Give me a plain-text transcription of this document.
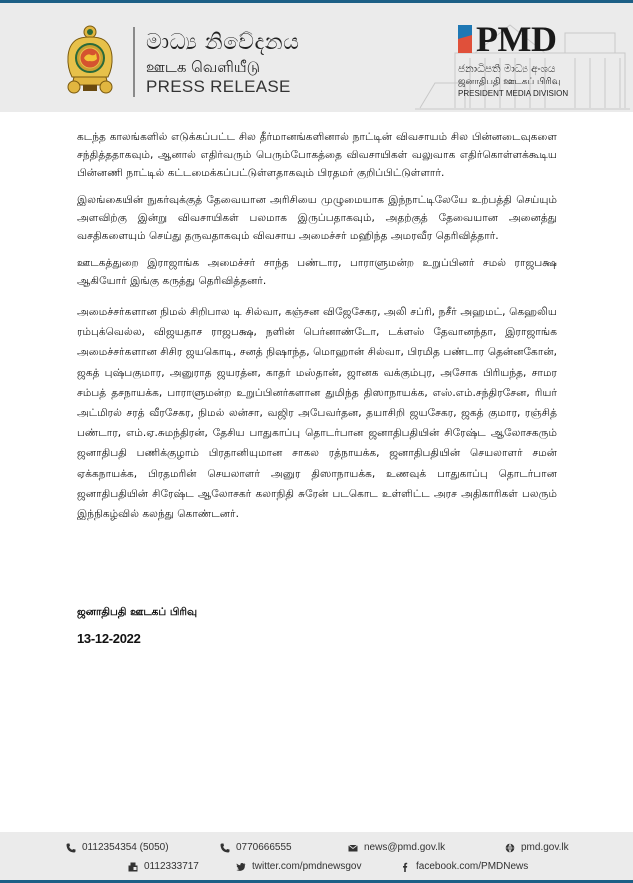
මාධ්‍ය නිවේදනය
ஊடக வெளியீடு
PRESS RELEASE
PMD
ජනාධිපති මාධ්‍ය අංශය
ஜனாதிபதி ஊடகப் பிரிவு
PRESIDENT MEDIA DIVISION

கடந்த காலங்களில் எடுக்கப்பட்ட சில தீர்மானங்களினால் நாட்டின் விவசாயம் சில பின்னடைவுகளை சந்தித்ததாகவும், ஆனால் எதிர்வரும் பெரும்போகத்தை விவசாயிகள் வலுவாக எதிர்கொள்ளக்கூடிய பின்னணி நாட்டில் கட்டமைக்கப்பட்டுள்ளதாகவும் பிரதமர் குறிப்பிட்டுள்ளார்.

இலங்கையின் நுகர்வுக்குத் தேவையான அரிசியை முழுமையாக இந்நாட்டிலேயே உற்பத்தி செய்யும் அளவிற்கு இன்று விவசாயிகள் பலமாக இருப்பதாகவும், அதற்குத் தேவையான அனைத்து வசதிகளையும் செய்து தருவதாகவும் விவசாய அமைச்சர் மஹிந்த அமரவீர தெரிவித்தார்.

ஊடகத்துறை இராஜாங்க அமைச்சர் சாந்த பண்டார, பாராளுமன்ற உறுப்பினர் சமல் ராஜபக்ஷ ஆகியோர் இங்கு கருத்து தெரிவித்தனர்.

அமைச்சர்களான நிமல் சிறிபால டி சில்வா, கஞ்சன விஜேசேகர, அலி சப்ரி, நசீர் அஹமட், கெஹலிய ரம்புக்வெல்ல, விஜயதாச ராஜபக்ஷ, நளின் பெர்னாண்டோ, டக்ளஸ் தேவானந்தா, இராஜாங்க அமைச்சர்களான சிசிர ஜயகொடி, சனத் நிஷாந்த, மொஹான் சில்வா, பிரமித பண்டார தென்னகோன், ஜகத் புஷ்பகுமார, அனுராத ஜயரத்ன, காதர் மஸ்தான், ஜானக வக்கும்புர, அசோக பிரியந்த, சாமர சம்பத் தசநாயக்க, பாராளுமன்ற உறுப்பினர்களான துமிந்த திஸாநாயக்க, எஸ்.எம்.சந்திரசேன, ரியர் அட்மிரல் சரத் வீரசேகர, நிமல் லன்சா, வஜிர அபேவர்தன, தயாசிறி ஜயசேகர, ஜகத் குமார, ரஞ்சித் பண்டார, எம்.ஏ.சுமந்திரன், தேசிய பாதுகாப்பு தொடர்பான ஜனாதிபதியின் சிரேஷ்ட ஆலோசகரும் ஜனாதிபதி பணிக்குழாம் பிரதானியுமான சாகல ரத்நாயக்க, ஜனாதிபதியின் செயலாளர் சமன் ஏக்கநாயக்க, பிரதமரின் செயலாளர் அனுர திஸாநாயக்க, உணவுக் பாதுகாப்பு தொடர்பான ஜனாதிபதியின் சிரேஷ்ட ஆலோசகர் கலாநிதி சுரேன் படகொட உள்ளிட்ட அரச அதிகாரிகள் பலரும் இந்நிகழ்வில் கலந்து கொண்டனர்.

ஜனாதிபதி ஊடகப் பிரிவு
13-12-2022
0112354354 (5050)	0770666555	news@pmd.gov.lk	pmd.gov.lk
0112333717	twitter.com/pmdnewsgov	facebook.com/PMDNews
